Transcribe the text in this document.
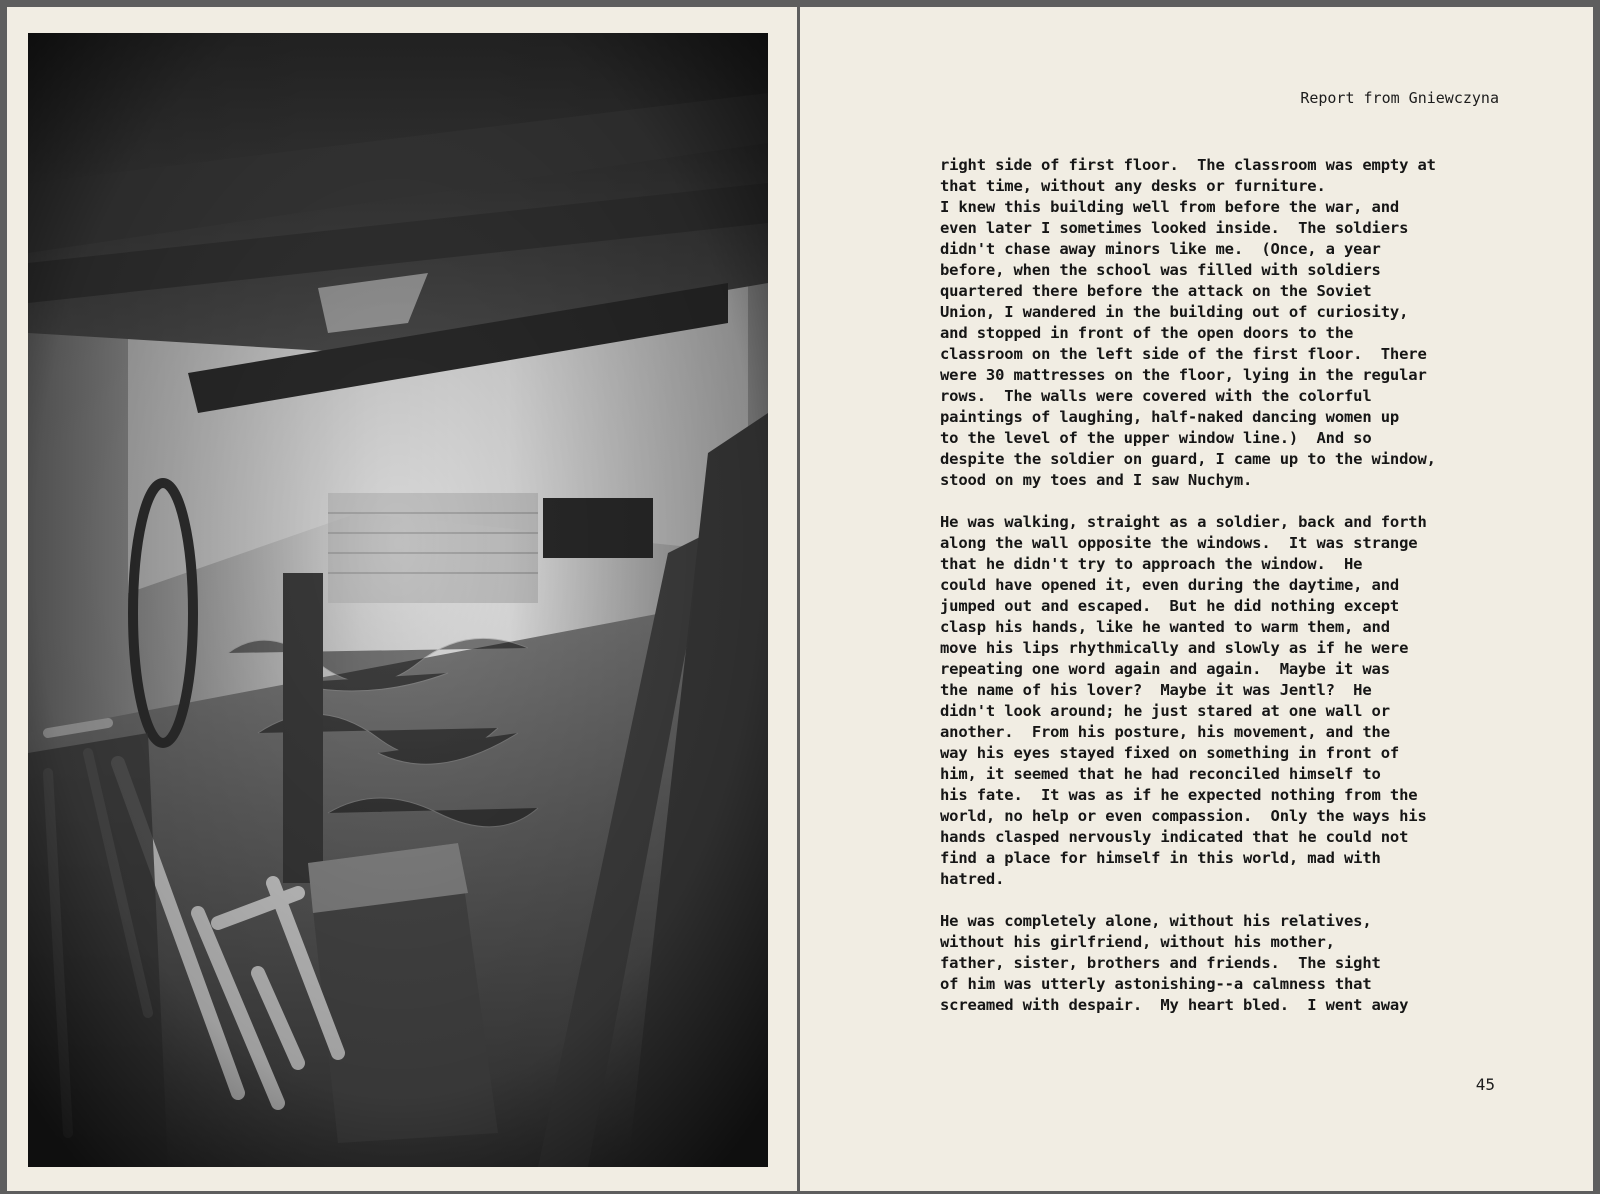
Report from Gniewczyna
right side of first floor.  The classroom was empty at
that time, without any desks or furniture.
I knew this building well from before the war, and
even later I sometimes looked inside.  The soldiers
didn't chase away minors like me.  (Once, a year
before, when the school was filled with soldiers
quartered there before the attack on the Soviet
Union, I wandered in the building out of curiosity,
and stopped in front of the open doors to the
classroom on the left side of the first floor.  There
were 30 mattresses on the floor, lying in the regular
rows.  The walls were covered with the colorful
paintings of laughing, half-naked dancing women up
to the level of the upper window line.)  And so
despite the soldier on guard, I came up to the window,
stood on my toes and I saw Nuchym.
He was walking, straight as a soldier, back and forth
along the wall opposite the windows.  It was strange
that he didn't try to approach the window.  He
could have opened it, even during the daytime, and
jumped out and escaped.  But he did nothing except
clasp his hands, like he wanted to warm them, and
move his lips rhythmically and slowly as if he were
repeating one word again and again.  Maybe it was
the name of his lover?  Maybe it was Jentl?  He
didn't look around; he just stared at one wall or
another.  From his posture, his movement, and the
way his eyes stayed fixed on something in front of
him, it seemed that he had reconciled himself to
his fate.  It was as if he expected nothing from the
world, no help or even compassion.  Only the ways his
hands clasped nervously indicated that he could not
find a place for himself in this world, mad with
hatred.
He was completely alone, without his relatives,
without his girlfriend, without his mother,
father, sister, brothers and friends.  The sight
of him was utterly astonishing--a calmness that
screamed with despair.  My heart bled.  I went away
45
